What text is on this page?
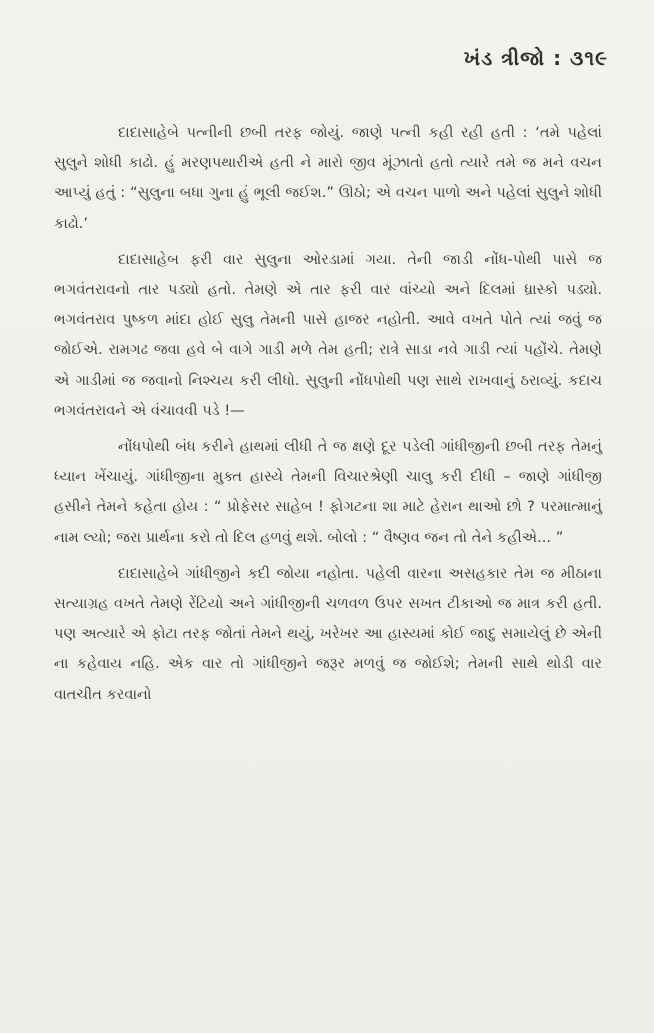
ખંડ ત્રીજો : ૩૧૯

દાદાસાહેબે પત્નીની છબી તરફ જોયું. જાણે પત્ની કહી રહી હતી : ‘તમે પહેલાં સુલુને શોધી કાઢો. હું મરણપથારીએ હતી ને મારો જીવ મૂંઝાતો હતો ત્યારે તમે જ મને વચન આપ્યું હતું : “સુલુના બધા ગુના હું ભૂલી જઈશ.” ઊઠો; એ વચન પાળો અને પહેલાં સુલુને શોધી કાઢો.’

દાદાસાહેબ ફરી વાર સુલુના ઓરડામાં ગયા. તેની જાડી નોંધ-પોથી પાસે જ ભગવંતરાવનો તાર પડ્યો હતો. તેમણે એ તાર ફરી વાર વાંચ્યો અને દિલમાં ધ્રાસ્કો પડ્યો. ભગવંતરાવ પુષ્કળ માંદા હોઈ સુલુ તેમની પાસે હાજર નહોતી. આવે વખતે પોતે ત્યાં જવું જ જોઈએ. રામગઢ જવા હવે બે વાગે ગાડી મળે તેમ હતી; રાત્રે સાડા નવે ગાડી ત્યાં પહોંચે. તેમણે એ ગાડીમાં જ જવાનો નિશ્ચય કરી લીધો. સુલુની નોંધપોથી પણ સાથે રાખવાનું ઠરાવ્યું. કદાચ ભગવંતરાવને એ વંચાવવી પડે !—

નોંધપોથી બંધ કરીને હાથમાં લીધી તે જ ક્ષણે દૂર પડેલી ગાંધીજીની છબી તરફ તેમનું ધ્યાન ખેંચાયું. ગાંધીજીના મુક્ત હાસ્યે તેમની વિચારશ્રેણી ચાલુ કરી દીધી – જાણે ગાંધીજી હસીને તેમને કહેતા હોય : “ પ્રોફેસર સાહેબ ! ફોગટના શા માટે હેરાન થાઓ છો ? પરમાત્માનું નામ લ્યો; જરા પ્રાર્થના કરો તો દિલ હળવું થશે. બોલો : “ વૈષ્ણવ જન તો તેને કહીએ... ”

દાદાસાહેબે ગાંધીજીને કદી જોયા નહોતા. પહેલી વારના અસહકાર તેમ જ મીઠાના સત્યાગ્રહ વખતે તેમણે રેંટિયો અને ગાંધીજીની ચળવળ ઉપર સખત ટીકાઓ જ માત્ર કરી હતી. પણ અત્યારે એ ફોટા તરફ જોતાં તેમને થયું, ખરેખર આ હાસ્યમાં કોઈ જાદુ સમાયેલું છે એની ના કહેવાય નહિ. એક વાર તો ગાંધીજીને જરૂર મળવું જ જોઈશે; તેમની સાથે થોડી વાર વાતચીત કરવાનો
